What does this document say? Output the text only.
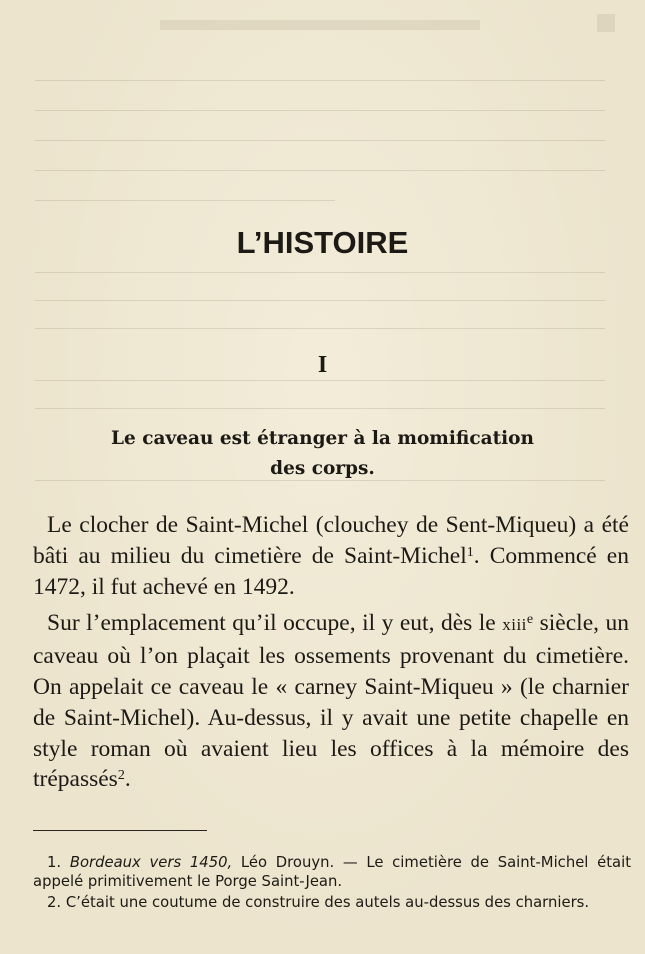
L’HISTOIRE
I
Le caveau est étranger à la momification
des corps.

Le clocher de Saint-Michel (clouchey de Sent-Miqueu) a été bâti au milieu du cimetière de Saint-Michel$^1$. Commencé en 1472, il fut achevé en 1492.

Sur l’emplacement qu’il occupe, il y eut, dès le xiii$^e$ siècle, un caveau où l’on plaçait les ossements provenant du cimetière. On appelait ce caveau le « carney Saint-Miqueu » (le charnier de Saint-Michel). Au-dessus, il y avait une petite chapelle en style roman où avaient lieu les offices à la mémoire des trépassés$^2$.

1. Bordeaux vers 1450, Léo Drouyn. — Le cimetière de Saint-Michel était appelé primitivement le Porge Saint-Jean.

2. C’était une coutume de construire des autels au-dessus des charniers.
